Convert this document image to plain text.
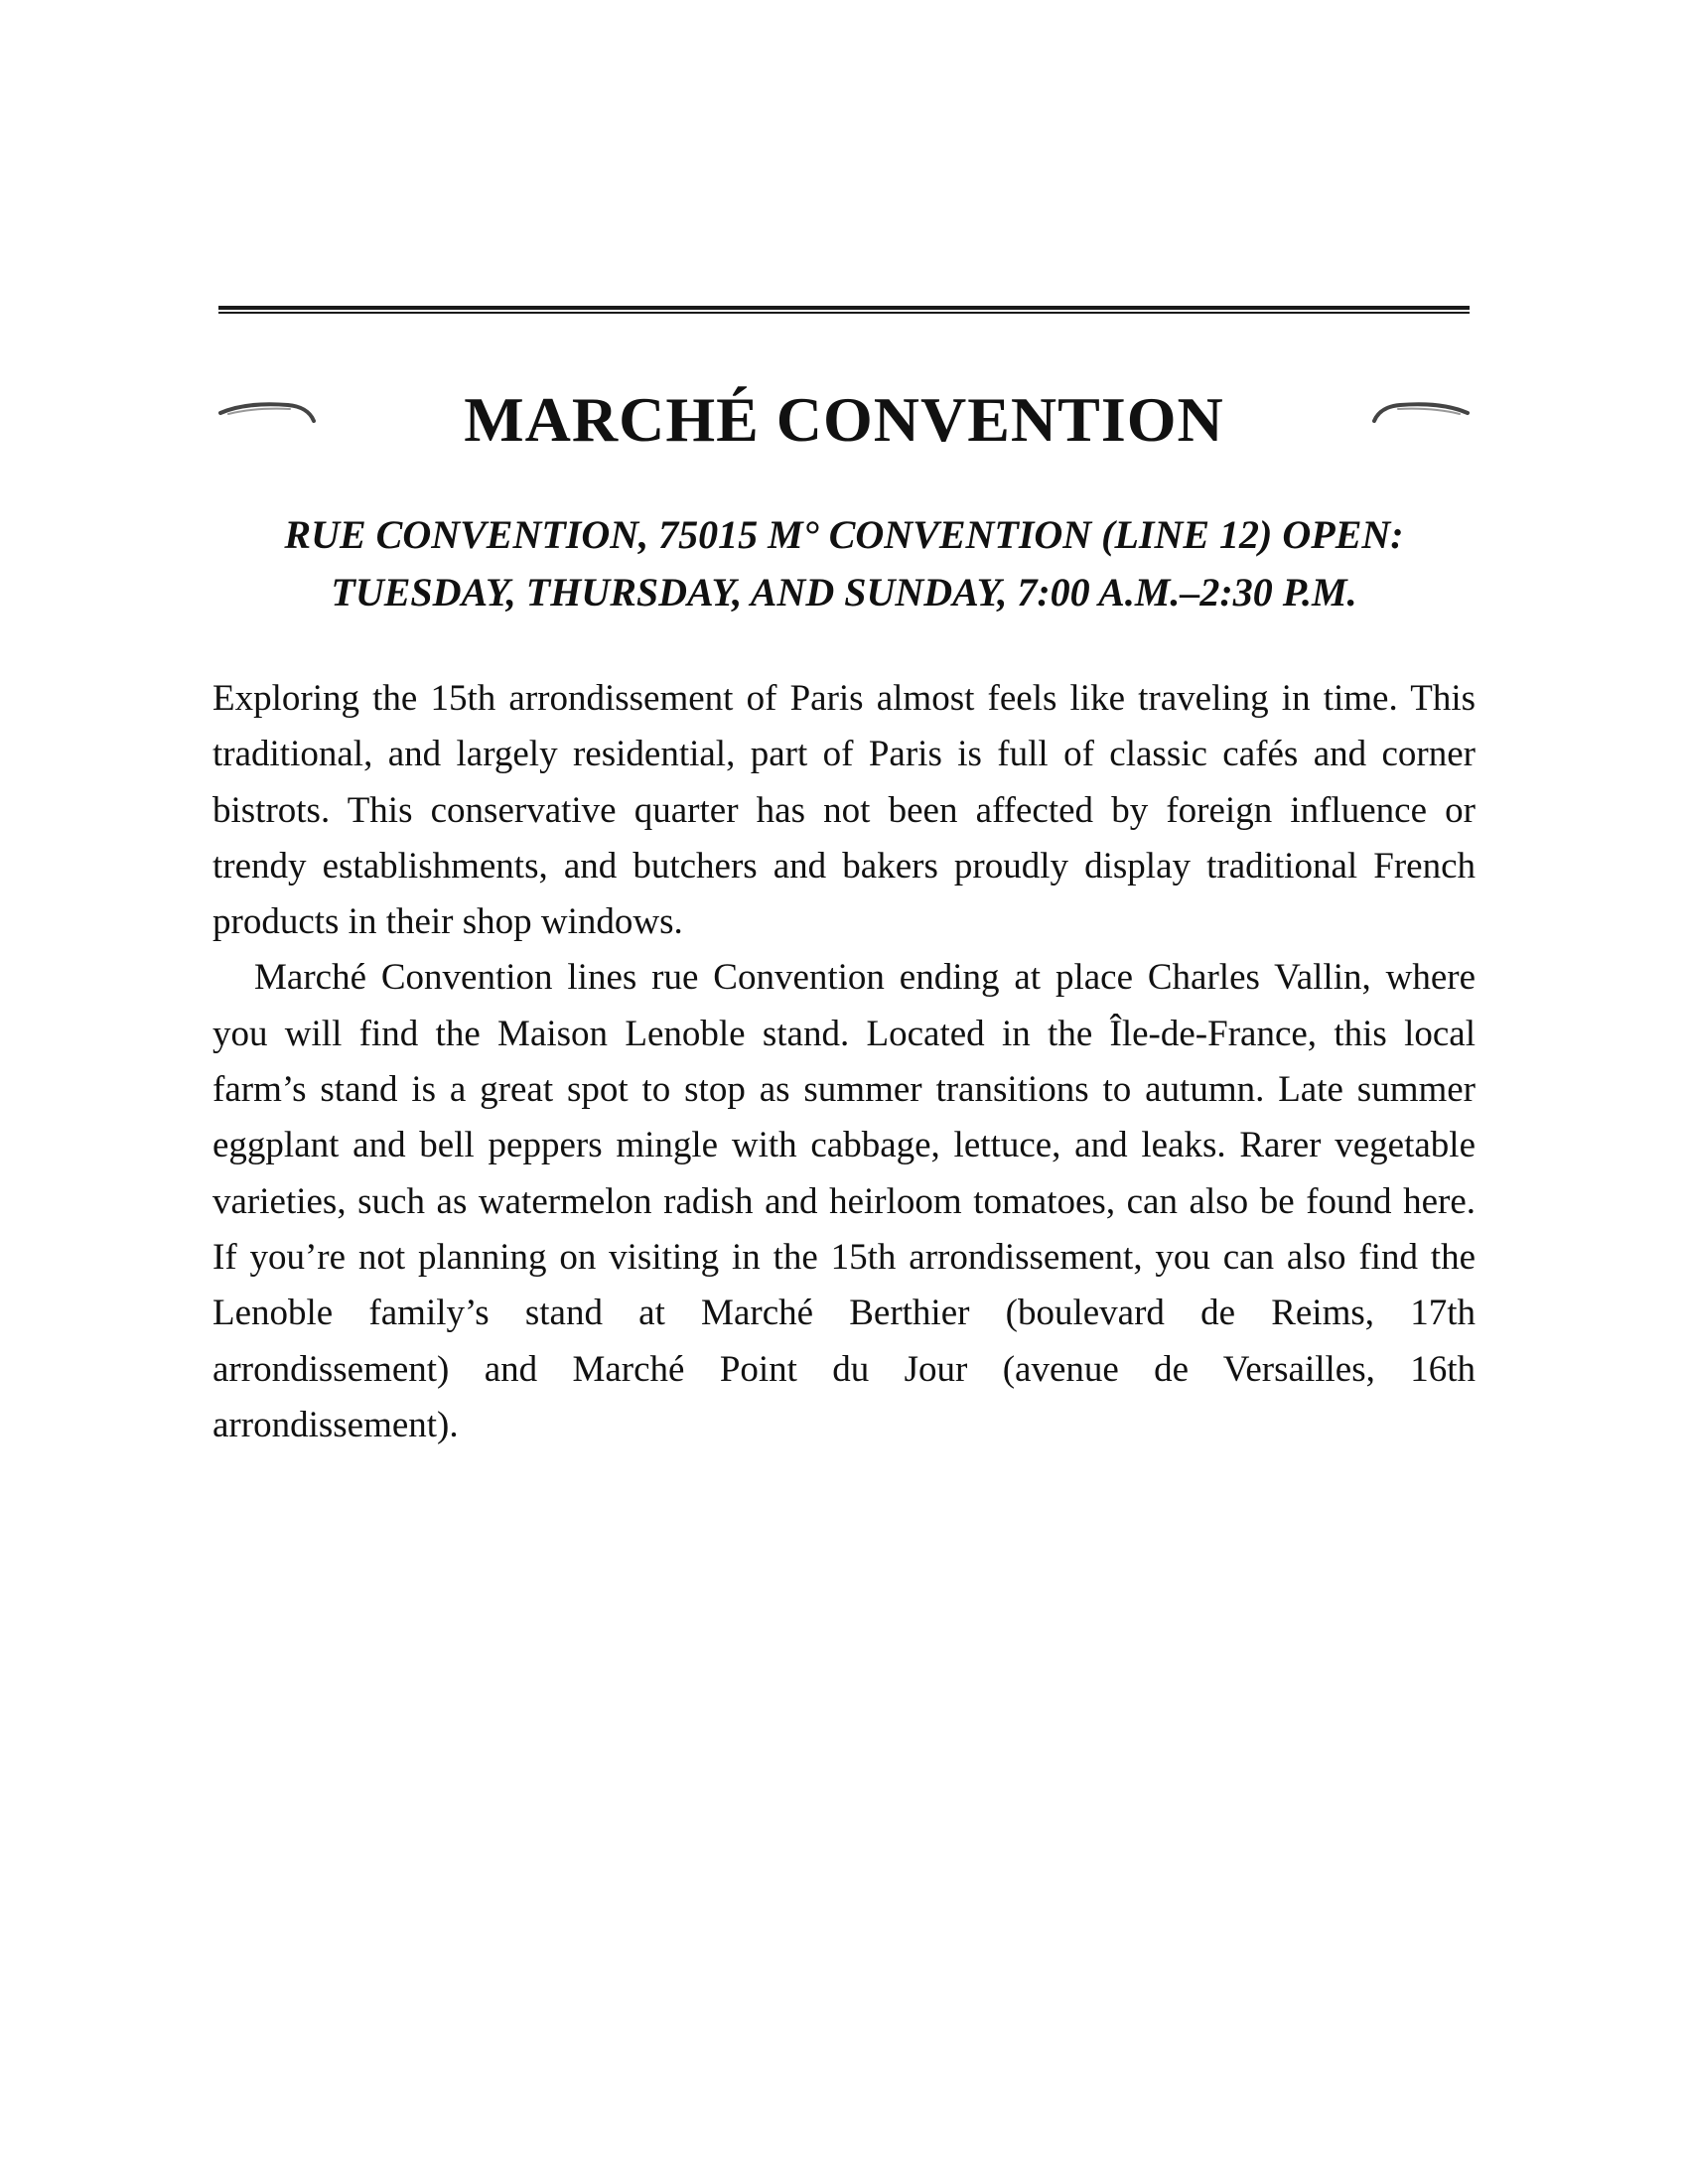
MARCHÉ CONVENTION

RUE CONVENTION, 75015 M° CONVENTION (LINE 12) OPEN: TUESDAY, THURSDAY, AND SUNDAY, 7:00 A.M.–2:30 P.M.

Exploring the 15th arrondissement of Paris almost feels like traveling in time. This traditional, and largely residential, part of Paris is full of classic cafés and corner bistrots. This conservative quarter has not been affected by foreign influence or trendy establishments, and butchers and bakers proudly display traditional French products in their shop windows.

Marché Convention lines rue Convention ending at place Charles Vallin, where you will find the Maison Lenoble stand. Located in the Île-de-France, this local farm’s stand is a great spot to stop as summer transitions to autumn. Late summer eggplant and bell peppers mingle with cabbage, lettuce, and leaks. Rarer vegetable varieties, such as watermelon radish and heirloom tomatoes, can also be found here. If you’re not planning on visiting in the 15th arrondissement, you can also find the Lenoble family’s stand at Marché Berthier (boulevard de Reims, 17th arrondissement) and Marché Point du Jour (avenue de Versailles, 16th arrondissement).
